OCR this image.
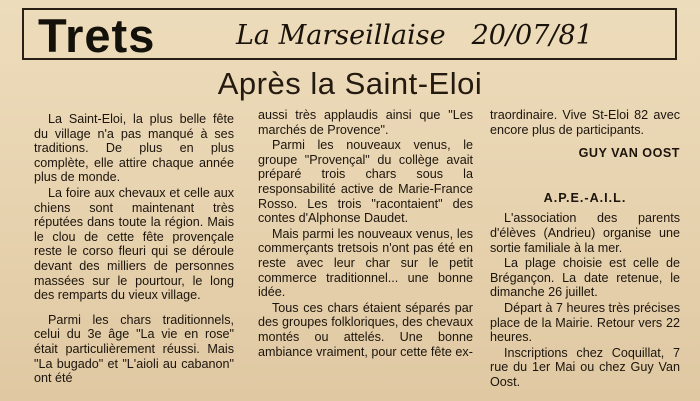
Trets	La Marseillaise 20/07/81
Après la Saint-Eloi

La Saint-Eloi, la plus belle fête du village n'a pas manqué à ses traditions. De plus en plus complète, elle attire chaque année plus de monde.

La foire aux chevaux et celle aux chiens sont maintenant très réputées dans toute la région. Mais le clou de cette fête provençale reste le corso fleuri qui se déroule devant des milliers de personnes massées sur le pourtour, le long des remparts du vieux village.

Parmi les chars traditionnels, celui du 3e âge "La vie en rose" était particulièrement réussi. Mais "La bugado" et "L'aioli au cabanon" ont été

aussi très applaudis ainsi que "Les marchés de Provence".

Parmi les nouveaux venus, le groupe "Provençal" du collège avait préparé trois chars sous la responsabilité active de Marie-France Rosso. Les trois "racontaient" des contes d'Alphonse Daudet.

Mais parmi les nouveaux venus, les commerçants tretsois n'ont pas été en reste avec leur char sur le petit commerce traditionnel... une bonne idée.

Tous ces chars étaient séparés par des groupes folkloriques, des chevaux montés ou attelés. Une bonne ambiance vraiment, pour cette fête ex-

traordinaire. Vive St-Eloi 82 avec encore plus de participants.

GUY VAN OOST
A.P.E.-A.I.L.

L'association des parents d'élèves (Andrieu) organise une sortie familiale à la mer.

La plage choisie est celle de Brégançon. La date retenue, le dimanche 26 juillet.

Départ à 7 heures très précises place de la Mairie. Retour vers 22 heures.

Inscriptions chez Coquillat, 7 rue du 1er Mai ou chez Guy Van Oost.
